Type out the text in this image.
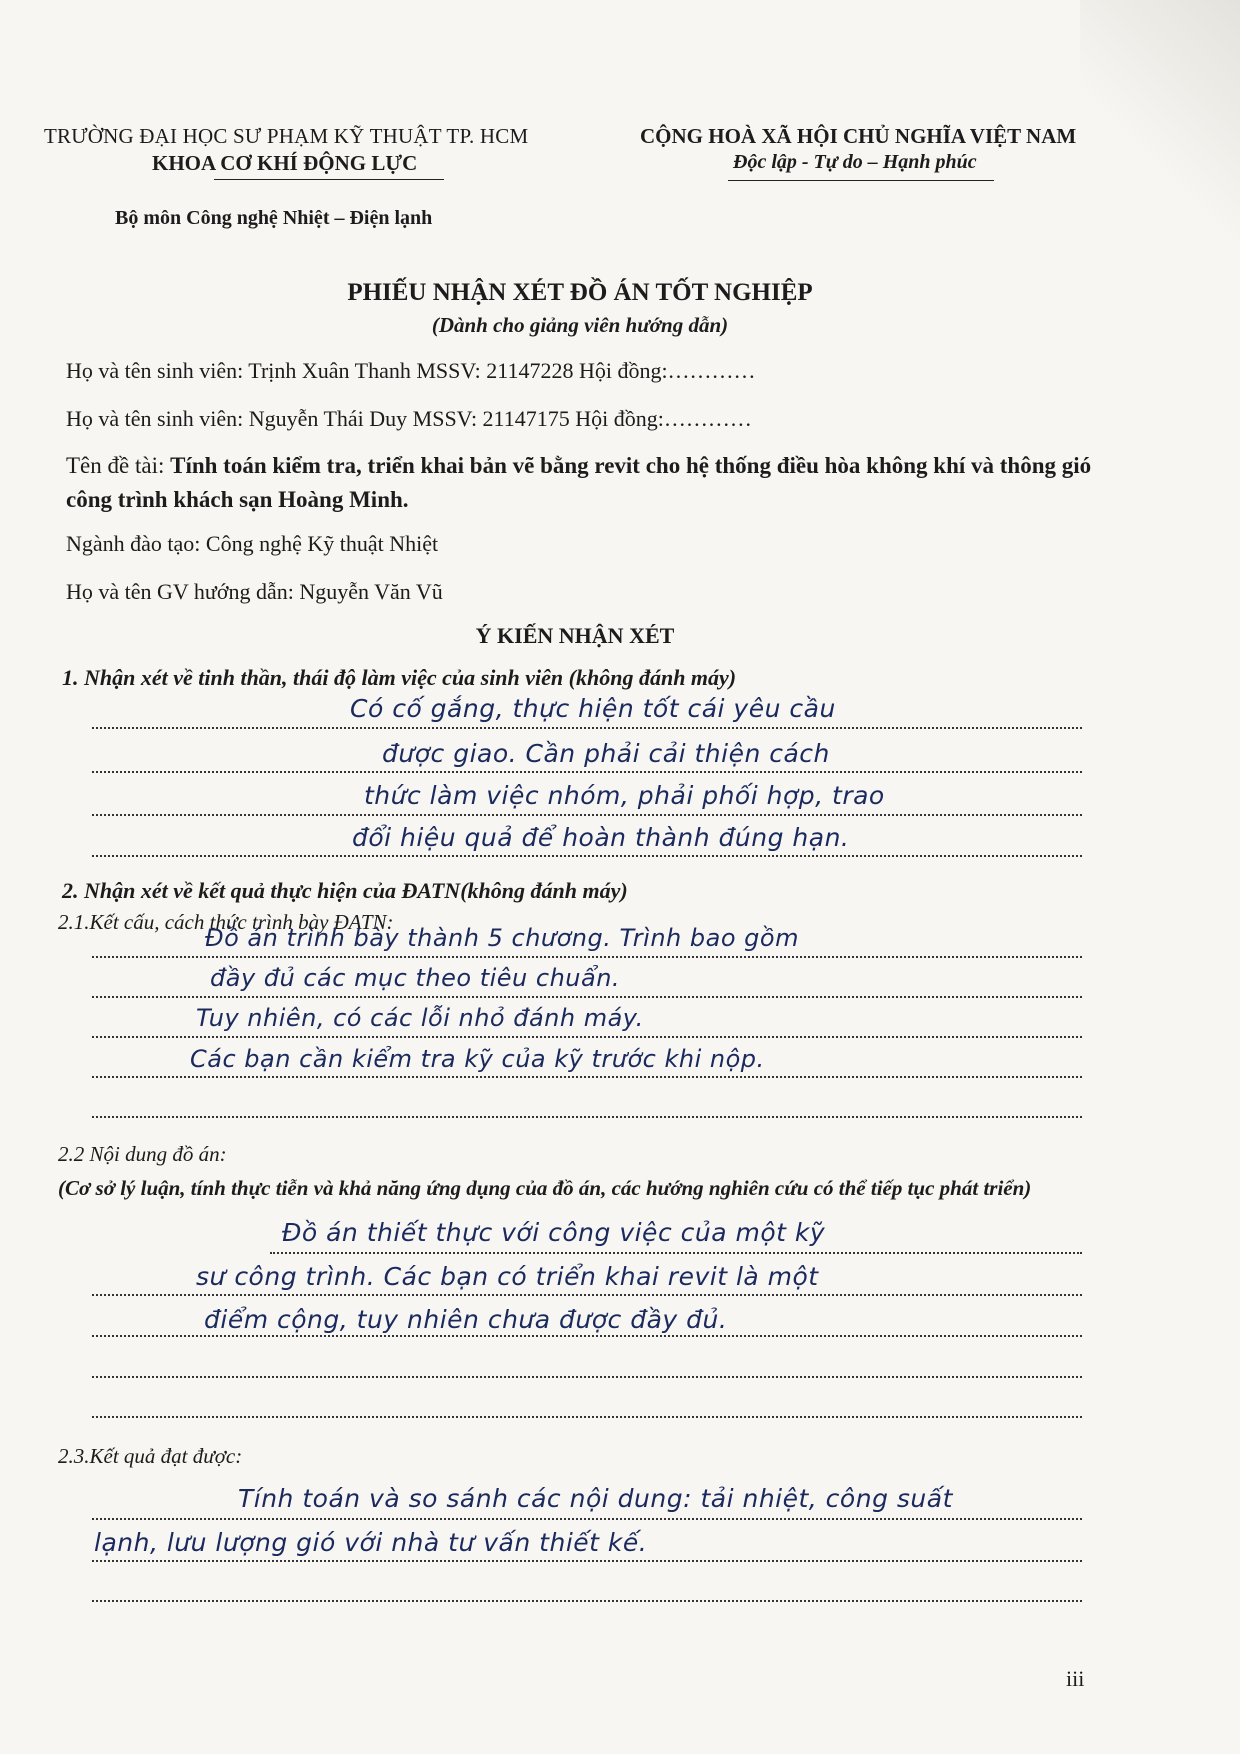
TRƯỜNG ĐẠI HỌC SƯ PHẠM KỸ THUẬT TP. HCM
KHOA CƠ KHÍ ĐỘNG LỰC
CỘNG HOÀ XÃ HỘI CHỦ NGHĨA VIỆT NAM
Độc lập - Tự do – Hạnh phúc
Bộ môn Công nghệ Nhiệt – Điện lạnh
PHIẾU NHẬN XÉT ĐỒ ÁN TỐT NGHIỆP
(Dành cho giảng viên hướng dẫn)
Họ và tên sinh viên: Trịnh Xuân Thanh MSSV: 21147228 Hội đồng:…………
Họ và tên sinh viên: Nguyễn Thái Duy MSSV: 21147175 Hội đồng:…………
Tên đề tài: Tính toán kiểm tra, triển khai bản vẽ bằng revit cho hệ thống điều hòa không khí và thông gió công trình khách sạn Hoàng Minh.
Ngành đào tạo: Công nghệ Kỹ thuật Nhiệt
Họ và tên GV hướng dẫn: Nguyễn Văn Vũ
Ý KIẾN NHẬN XÉT
1. Nhận xét về tinh thần, thái độ làm việc của sinh viên (không đánh máy)
Có cố gắng, thực hiện tốt cái yêu cầu
được giao. Cần phải cải thiện cách
thức làm việc nhóm, phải phối hợp, trao
đổi hiệu quả để hoàn thành đúng hạn.
2. Nhận xét về kết quả thực hiện của ĐATN(không đánh máy)
2.1.Kết cấu, cách thức trình bày ĐATN:
Đồ án trình bày thành 5 chương. Trình bao gồm
đầy đủ các mục theo tiêu chuẩn.
Tuy nhiên, có các lỗi nhỏ đánh máy.
Các bạn cần kiểm tra kỹ của kỹ trước khi nộp.
2.2 Nội dung đồ án:
(Cơ sở lý luận, tính thực tiễn và khả năng ứng dụng của đồ án, các hướng nghiên cứu có thể tiếp tục phát triển)
Đồ án thiết thực với công việc của một kỹ
sư công trình. Các bạn có triển khai revit là một
điểm cộng, tuy nhiên chưa được đầy đủ.
2.3.Kết quả đạt được:
Tính toán và so sánh các nội dung: tải nhiệt, công suất
lạnh, lưu lượng gió với nhà tư vấn thiết kế.
iii
